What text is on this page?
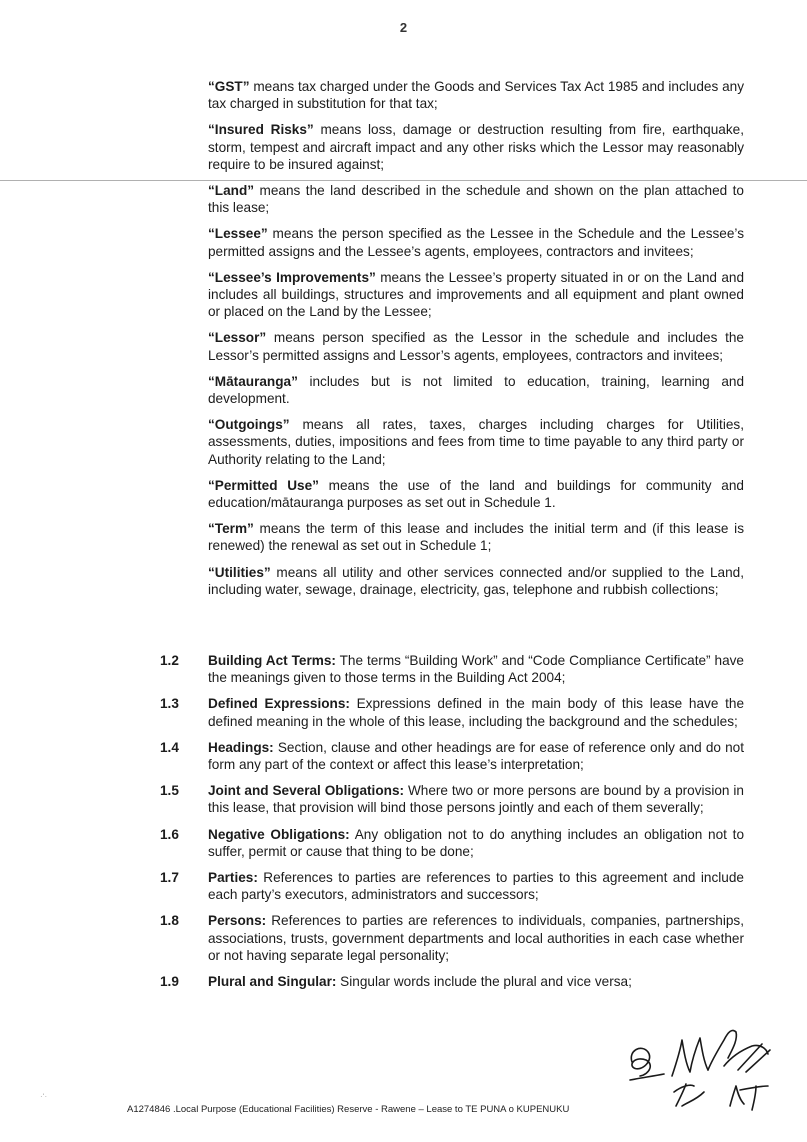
2

“GST” means tax charged under the Goods and Services Tax Act 1985 and includes any tax charged in substitution for that tax;

“Insured Risks” means loss, damage or destruction resulting from fire, earthquake, storm, tempest and aircraft impact and any other risks which the Lessor may reasonably require to be insured against;

“Land” means the land described in the schedule and shown on the plan attached to this lease;

“Lessee” means the person specified as the Lessee in the Schedule and the Lessee’s permitted assigns and the Lessee’s agents, employees, contractors and invitees;

“Lessee’s Improvements” means the Lessee’s property situated in or on the Land and includes all buildings, structures and improvements and all equipment and plant owned or placed on the Land by the Lessee;

“Lessor” means person specified as the Lessor in the schedule and includes the Lessor’s permitted assigns and Lessor’s agents, employees, contractors and invitees;

“Mātauranga” includes but is not limited to education, training, learning and development.

“Outgoings” means all rates, taxes, charges including charges for Utilities, assessments, duties, impositions and fees from time to time payable to any third party or Authority relating to the Land;

“Permitted Use” means the use of the land and buildings for community and education/mātauranga purposes as set out in Schedule 1.

“Term” means the term of this lease and includes the initial term and (if this lease is renewed) the renewal as set out in Schedule 1;

“Utilities” means all utility and other services connected and/or supplied to the Land, including water, sewage, drainage, electricity, gas, telephone and rubbish collections;

1.2	Building Act Terms: The terms “Building Work” and “Code Compliance Certificate” have the meanings given to those terms in the Building Act 2004;
1.3	Defined Expressions: Expressions defined in the main body of this lease have the defined meaning in the whole of this lease, including the background and the schedules;
1.4	Headings: Section, clause and other headings are for ease of reference only and do not form any part of the context or affect this lease’s interpretation;
1.5	Joint and Several Obligations: Where two or more persons are bound by a provision in this lease, that provision will bind those persons jointly and each of them severally;
1.6	Negative Obligations: Any obligation not to do anything includes an obligation not to suffer, permit or cause that thing to be done;
1.7	Parties: References to parties are references to parties to this agreement and include each party’s executors, administrators and successors;
1.8	Persons: References to parties are references to individuals, companies, partnerships, associations, trusts, government departments and local authorities in each case whether or not having separate legal personality;
1.9	Plural and Singular: Singular words include the plural and vice versa;
FL MT
·ʻ·
A1274846 .Local Purpose (Educational Facilities) Reserve - Rawene – Lease to TE PUNA o KUPENUKU
